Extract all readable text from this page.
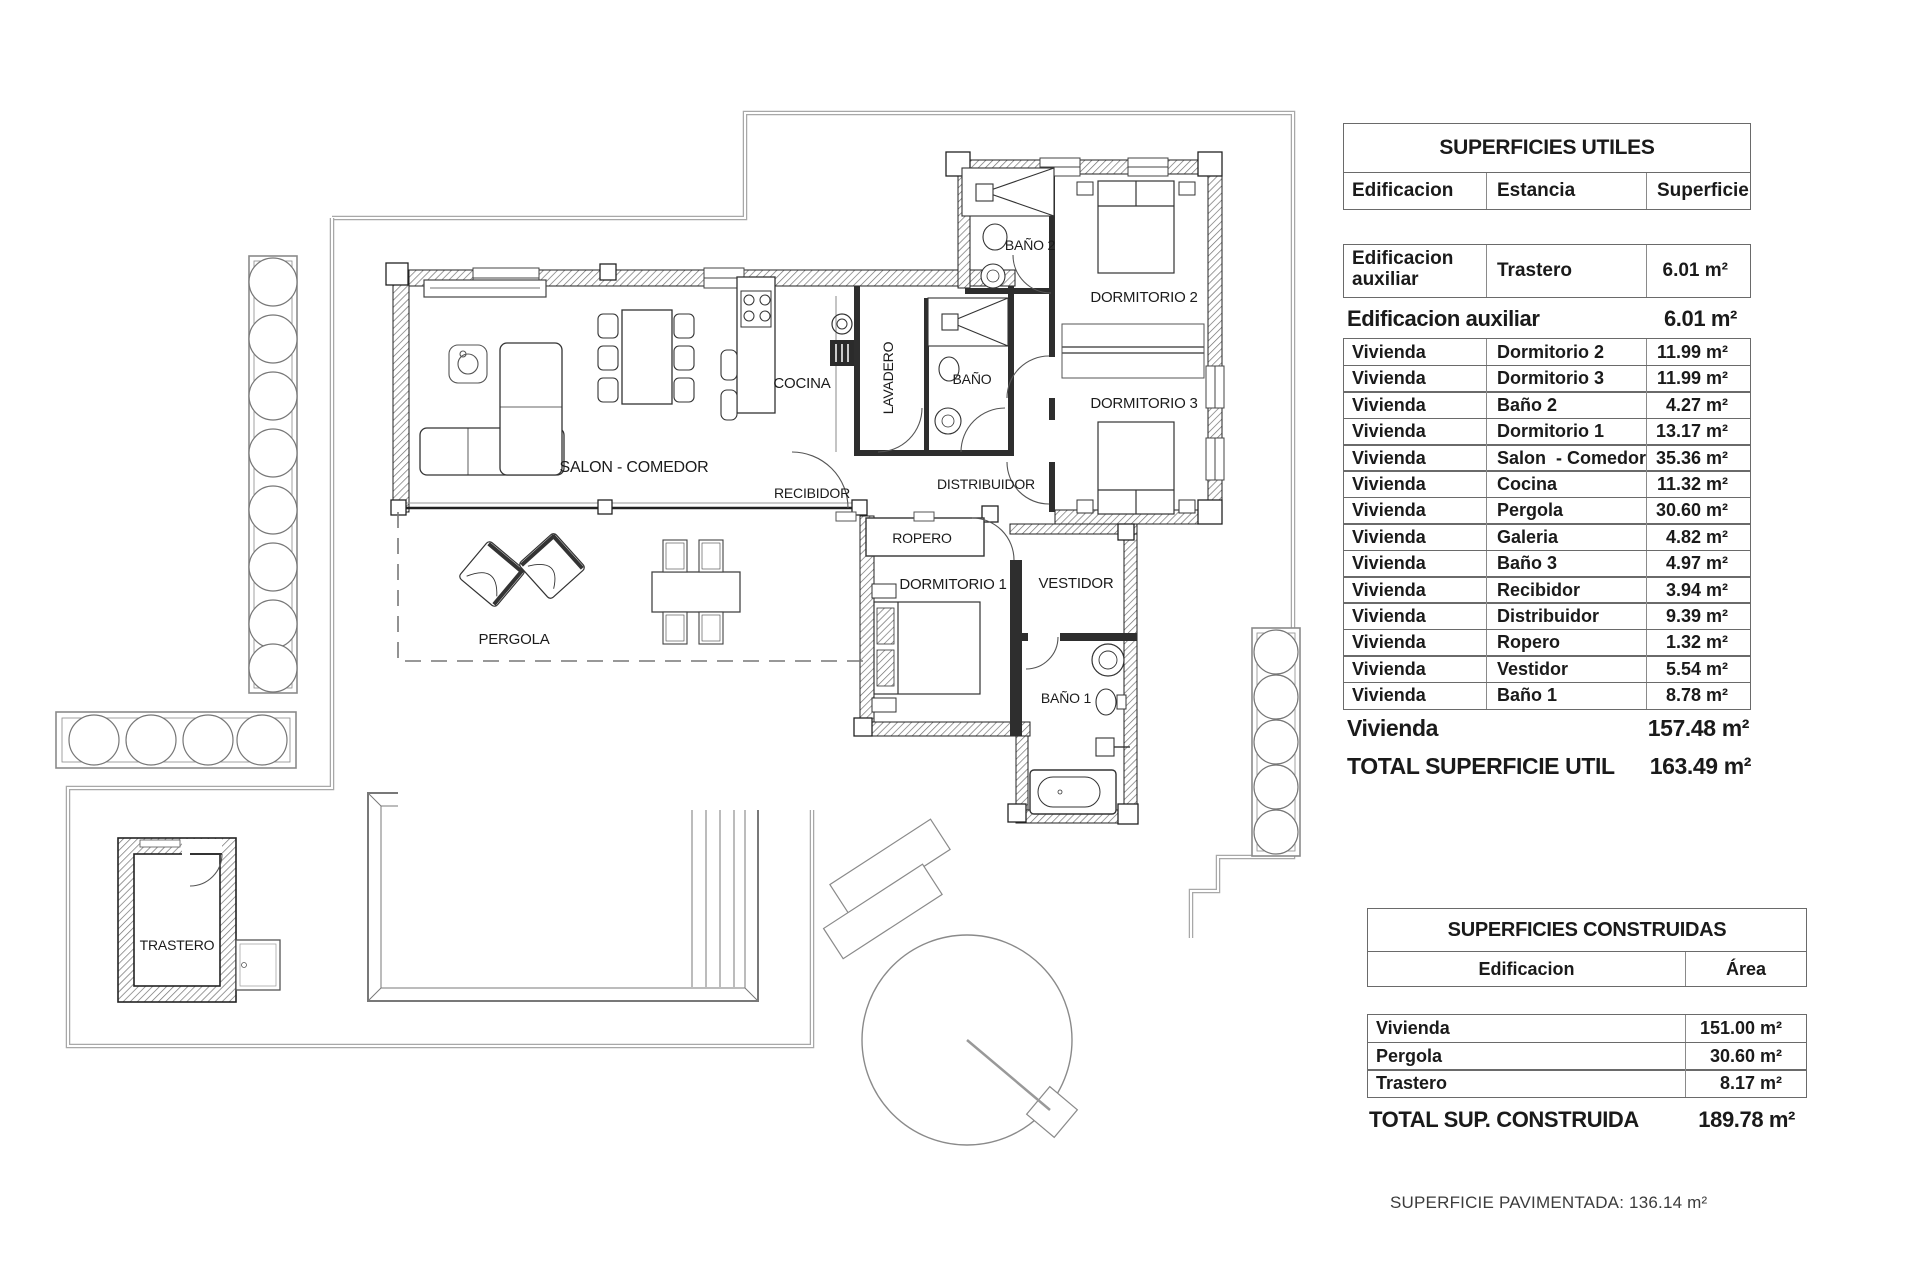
SALON - COMEDOR
COCINA	LAVADERO	BAÑO
RECIBIDOR
DISTRIBUIDOR
BAÑO 2
DORMITORIO 2
DORMITORIO 3
ROPERO
DORMITORIO 1 VESTIDOR
BAÑO 1
PERGOLA
TRASTERO
SUPERFICIES UTILES
Edificacion	Estancia	Superficie
Edificacion auxiliar	Trastero	6.01 m²
Edificacion auxiliar	6.01 m²
Vivienda	Dormitorio 2	11.99 m²
Vivienda	Dormitorio 3	11.99 m²
Vivienda	Baño 2	4.27 m²
Vivienda	Dormitorio 1	13.17 m²
Vivienda	Salon  - Comedor 35.36 m²
Vivienda	Cocina	11.32 m²
Vivienda	Pergola	30.60 m²
Vivienda	Galeria	4.82 m²
Vivienda	Baño 3	4.97 m²
Vivienda	Recibidor	3.94 m²
Vivienda	Distribuidor	9.39 m²
Vivienda	Ropero	1.32 m²
Vivienda	Vestidor	5.54 m²
Vivienda	Baño 1	8.78 m²
Vivienda	157.48 m²
TOTAL SUPERFICIE UTIL 163.49 m²
SUPERFICIES CONSTRUIDAS
Edificacion	Área
Vivienda	151.00 m²
Pergola	30.60 m²
Trastero	8.17 m²
TOTAL SUP. CONSTRUIDA	189.78 m²
SUPERFICIE PAVIMENTADA: 136.14 m²
